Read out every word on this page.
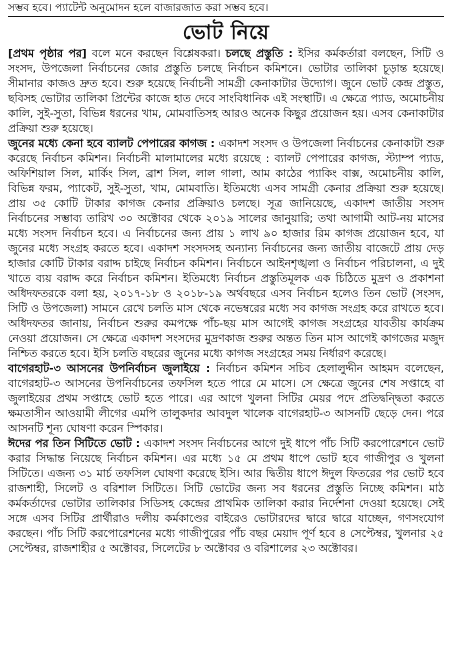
সম্ভব হবে। প্যাটেন্ট অনুমোদন হলে বাজারজাত করা সম্ভব হবে।
ভোট নিয়ে

[প্রথম পৃষ্ঠার পর] বলে মনে করছেন বিশ্লেষকরা। চলছে প্রস্তুতি : ইসির কর্মকর্তারা বলছেন, সিটি ও সংসদ, উপজেলা নির্বাচনের জোর প্রস্তুতি চলছে নির্বাচন কমিশনে। ভোটার তালিকা চূড়ান্ত হয়েছে। সীমানার কাজও দ্রুত হবে। শুরু হয়েছে নির্বাচনী সামগ্রী কেনাকাটার উদ্যোগ। জুনে ভোট কেন্দ্র প্রস্তুত, ছবিসহ ভোটার তালিকা প্রিন্টের কাজে হাত দেবে সাংবিধানিক এই সংস্থাটি। এ ক্ষেত্রে প্যাড, অমোচনীয় কালি, সুই-সুতা, বিভিন্ন ধরনের খাম, মোমবাতিসহ আরও অনেক কিছুর প্রয়োজন হয়। এসব কেনাকাটার প্রক্রিয়া শুরু হয়েছে।

জুনের মধ্যে কেনা হবে ব্যালট পেপারের কাগজ : একাদশ সংসদ ও উপজেলা নির্বাচনের কেনাকাটা শুরু করেছে নির্বাচন কমিশন। নির্বাচনী মালামালের মধ্যে রয়েছে : ব্যালট পেপারের কাগজ, স্ট্যাম্প প্যাড, অফিশিয়াল সিল, মার্কিং সিল, ব্রাশ সিল, লাল গালা, আম কাঠের প্যাকিং বাক্স, অমোচনীয় কালি, বিভিন্ন ফরম, প্যাকেট, সুই-সুতা, খাম, মোমবাতি। ইতিমধ্যে এসব সামগ্রী কেনার প্রক্রিয়া শুরু হয়েছে। প্রায় ৩৫ কোটি টাকার কাগজ কেনার প্রক্রিয়াও চলছে। সূত্র জানিয়েছে, একাদশ জাতীয় সংসদ নির্বাচনের সম্ভাব্য তারিখ ৩০ অক্টোবর থেকে ২০১৯ সালের জানুয়ারি; তথা আগামী আট-নয় মাসের মধ্যে সংসদ নির্বাচন হবে। এ নির্বাচনের জন্য প্রায় ১ লাখ ৯০ হাজার রিম কাগজ প্রয়োজন হবে, যা জুনের মধ্যে সংগ্রহ করতে হবে। একাদশ সংসদসহ অন্যান্য নির্বাচনের জন্য জাতীয় বাজেটে প্রায় দেড় হাজার কোটি টাকার বরাদ্দ চাইছে নির্বাচন কমিশন। নির্বাচনে আইনশৃঙ্খলা ও নির্বাচন পরিচালনা, এ দুই খাতে ব্যয় বরাদ্দ করে নির্বাচন কমিশন। ইতিমধ্যে নির্বাচন প্রস্তুতিমূলক এক চিঠিতে মুদ্রণ ও প্রকাশনা অধিদফতরকে বলা হয়, ২০১৭-১৮ ও ২০১৮-১৯ অর্থবছরে এসব নির্বাচন হলেও তিন ভোট (সংসদ, সিটি ও উপজেলা) সামনে রেখে চলতি মাস থেকে নভেম্বরের মধ্যে সব কাগজ সংগ্রহ করে রাখতে হবে। অধিদফতর জানায়, নির্বাচন শুরুর কমপক্ষে পাঁচ-ছয় মাস আগেই কাগজ সংগ্রহের যাবতীয় কার্যক্রম নেওয়া প্রয়োজন। সে ক্ষেত্রে একাদশ সংসদের মুদ্রণকাজ শুরুর অন্তত তিন মাস আগেই কাগজের মজুদ নিশ্চিত করতে হবে। ইসি চলতি বছরের জুনের মধ্যে কাগজ সংগ্রহের সময় নির্ধারণ করেছে।

বাগেরহাট-৩ আসনের উপনির্বাচন জুলাইয়ে : নির্বাচন কমিশন সচিব হেলালুদ্দীন আহমদ বলেছেন, বাগেরহাট-৩ আসনের উপনির্বাচনের তফসিল হতে পারে মে মাসে। সে ক্ষেত্রে জুনের শেষ সপ্তাহে বা জুলাইয়ের প্রথম সপ্তাহে ভোট হতে পারে। এর আগে খুলনা সিটির মেয়র পদে প্রতিদ্বন্দ্বিতা করতে ক্ষমতাসীন আওয়ামী লীগের এমপি তালুকদার আবদুল খালেক বাগেরহাট-৩ আসনটি ছেড়ে দেন। পরে আসনটি শূন্য ঘোষণা করেন স্পিকার।

ঈদের পর তিন সিটিতে ভোট : একাদশ সংসদ নির্বাচনের আগে দুই ধাপে পাঁচ সিটি করপোরেশনে ভোট করার সিদ্ধান্ত নিয়েছে নির্বাচন কমিশন। এর মধ্যে ১৫ মে প্রথম ধাপে ভোট হবে গাজীপুর ও খুলনা সিটিতে। এজন্য ৩১ মার্চ তফসিল ঘোষণা করেছে ইসি। আর দ্বিতীয় ধাপে ঈদুল ফিতরের পর ভোট হবে রাজশাহী, সিলেট ও বরিশাল সিটিতে। সিটি ভোটের জন্য সব ধরনের প্রস্তুতি নিচ্ছে কমিশন। মাঠ কর্মকর্তাদের ভোটার তালিকার সিডিসহ কেন্দ্রের প্রাথমিক তালিকা করার নির্দেশনা দেওয়া হয়েছে। সেই সঙ্গে এসব সিটির প্রার্থীরাও দলীয় কর্মকাণ্ডের বাইরেও ভোটারদের দ্বারে দ্বারে যাচ্ছেন, গণসংযোগ করছেন। পাঁচ সিটি করপোরেশনের মধ্যে গাজীপুরের পাঁচ বছর মেয়াদ পূর্ণ হবে ৪ সেপ্টেম্বর, খুলনার ২৫ সেপ্টেম্বর, রাজশাহীর ৫ অক্টোবর, সিলেটের ৮ অক্টোবর ও বরিশালের ২৩ অক্টোবর।
